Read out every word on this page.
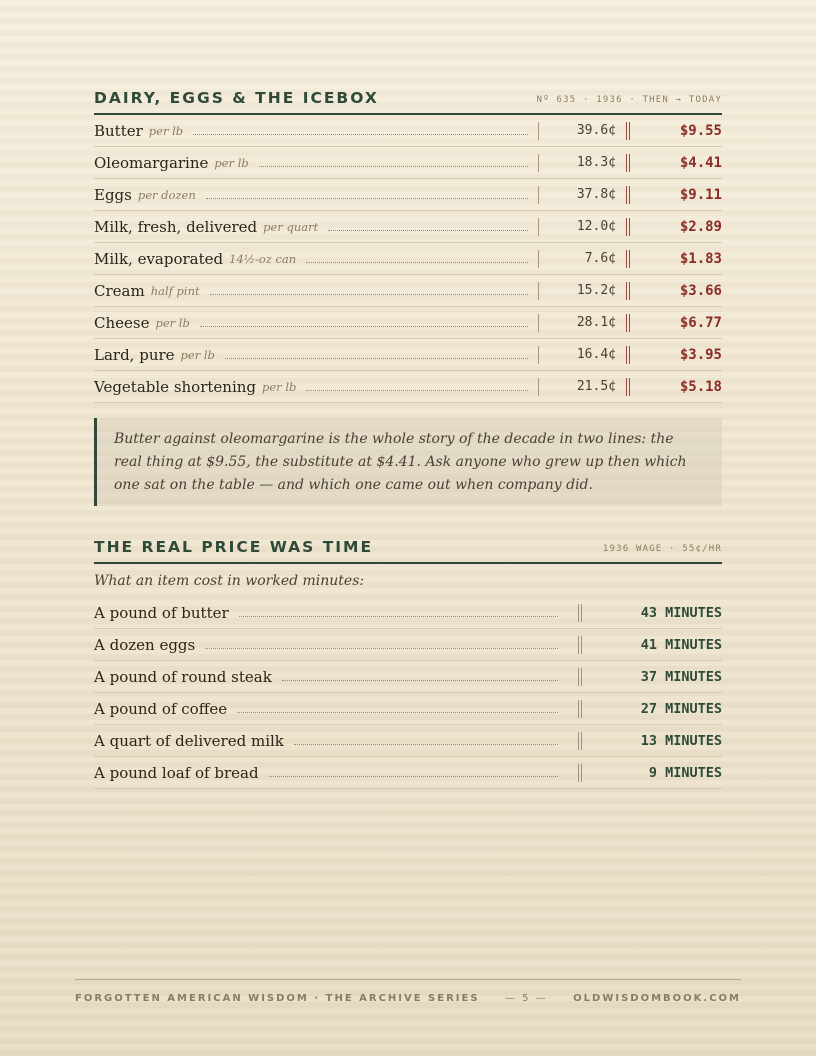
DAIRY, EGGS & THE ICEBOX	Nº 635 · 1936 · THEN → TODAY
Butter per lb	39.6¢	$9.55
Oleomargarine per lb	18.3¢	$4.41
Eggs per dozen	37.8¢	$9.11
Milk, fresh, delivered per quart	12.0¢	$2.89
Milk, evaporated 14½-oz can	7.6¢	$1.83
Cream half pint	15.2¢	$3.66
Cheese per lb	28.1¢	$6.77
Lard, pure per lb	16.4¢	$3.95
Vegetable shortening per lb	21.5¢	$5.18
Butter against oleomargarine is the whole story of the decade in two lines: the real thing at $9.55, the substitute at $4.41. Ask anyone who grew up then which one sat on the table — and which one came out when company did.
THE REAL PRICE WAS TIME	1936 WAGE · 55¢/HR
What an item cost in worked minutes:
A pound of butter	43 MINUTES
A dozen eggs	41 MINUTES
A pound of round steak	37 MINUTES
A pound of coffee	27 MINUTES
A quart of delivered milk	13 MINUTES
A pound loaf of bread	9 MINUTES
FORGOTTEN AMERICAN WISDOM · THE ARCHIVE SERIES	— 5 —	OLDWISDOMBOOK.COM
